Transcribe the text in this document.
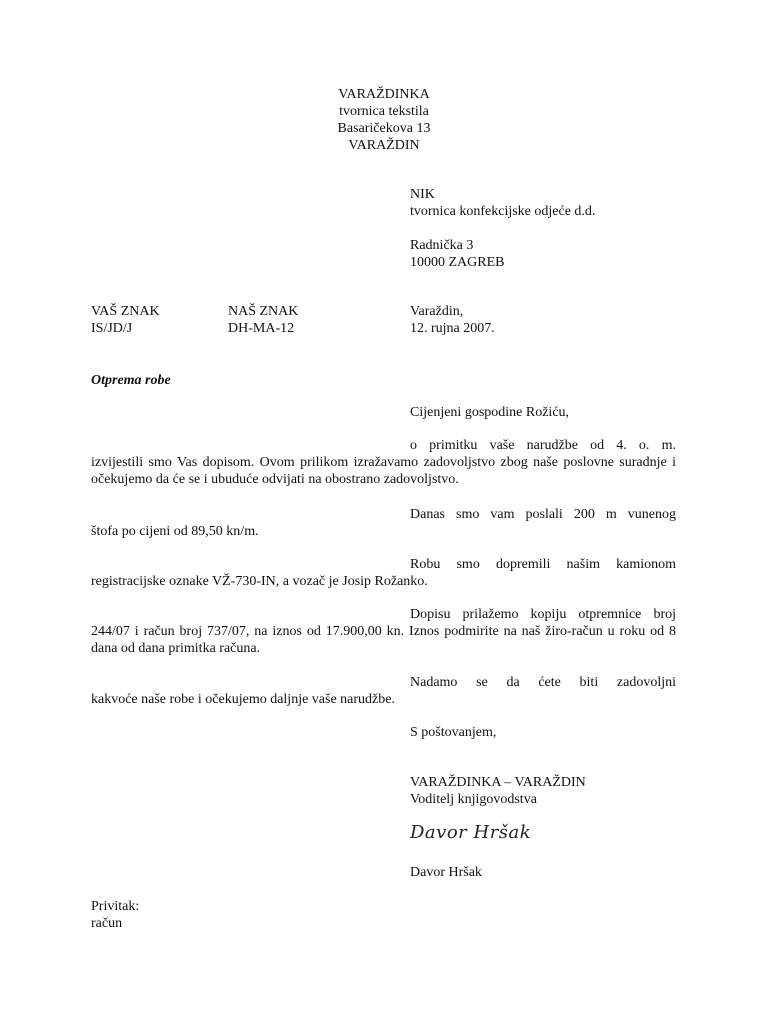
VARAŽDINKA
tvornica tekstila
Basaričekova 13
VARAŽDIN
NIK
tvornica konfekcijske odjeće d.d.
Radnička 3
10000 ZAGREB
VAŠ ZNAK
IS/JD/J
NAŠ ZNAK
DH-MA-12
Varaždin,
12. rujna 2007.
Otprema robe
Cijenjeni gospodine Rožiću,

o primitku vaše narudžbe od 4. o. m.
izvijestili smo Vas dopisom. Ovom prilikom izražavamo zadovoljstvo zbog naše poslovne suradnje i očekujemo da će se i ubuduće odvijati na obostrano zadovoljstvo.

Danas smo vam poslali 200 m vunenog
štofa po cijeni od 89,50 kn/m.

Robu smo dopremili našim kamionom
registracijske oznake VŽ-730-IN, a vozač je Josip Rožanko.

Dopisu prilažemo kopiju otpremnice broj
244/07 i račun broj 737/07, na iznos od 17.900,00 kn. Iznos podmirite na naš žiro-račun u roku od 8 dana od dana primitka računa.

Nadamo se da ćete biti zadovoljni
kakvoće naše robe i očekujemo daljnje vaše narudžbe.

S poštovanjem,
VARAŽDINKA – VARAŽDIN
Voditelj knjigovodstva
Davor Hršak
Davor Hršak
Privitak:
račun
